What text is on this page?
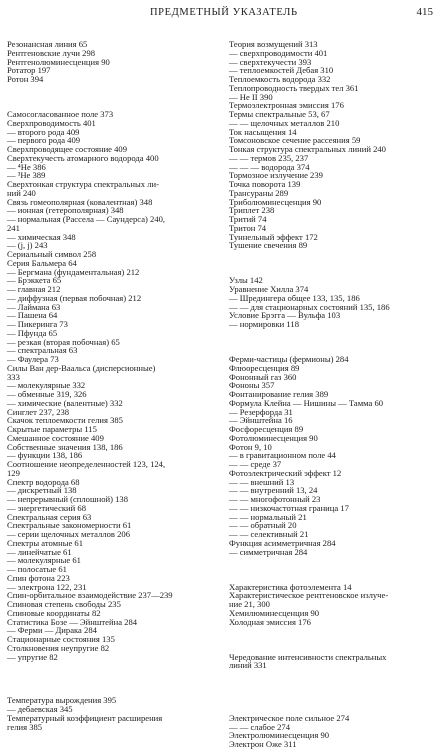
ПРЕДМЕТНЫЙ УКАЗАТЕЛЬ	415
Резонансная линия 65
Рентгеновские лучи 298
Рентгенолюминесценция 90
Ротатор 197
Ротон 394
Самосогласованное поле 373
Сверхпроводимость 401
— второго рода 409
— первого рода 409
Сверхпроводящее состояние 409
Сверхтекучесть атомарного водорода 400
— ⁴He 386
— ³He 389
Сверхтонкая структура спектральных ли-
ний 240
Связь гомеополярная (ковалентная) 348
— ионная (гетерополярная) 348
— нормальная (Рассела — Саундерса) 240,
241
— химическая 348
— (j, j) 243
Сериальный символ 258
Серия Бальмера 64
— Бергмана (фундаментальная) 212
— Брэккета 65
— главная 212
— диффузная (первая побочная) 212
— Лаймана 63
— Пашена 64
— Пикеринга 73
— Пфунда 65
— резкая (вторая побочная) 65
— спектральная 63
— Фаулера 73
Силы Ван дер-Ваальса (дисперсионные)
333
— молекулярные 332
— обменные 319, 326
— химические (валентные) 332
Синглет 237, 238
Скачок теплоемкости гелия 385
Скрытые параметры 115
Смешанное состояние 409
Собственные значения 138, 186
— функции 138, 186
Соотношение неопределенностей 123, 124,
129
Спектр водорода 68
— дискретный 138
— непрерывный (сплошной) 138
— энергетический 68
Спектральная серия 63
Спектральные закономерности 61
— серии щелочных металлов 206
Спектры атомные 61
— линейчатые 61
— молекулярные 61
— полосатые 61
Спин фотона 223
— электрона 122, 231
Спин-орбитальное взаимодействие 237—239
Спиновая степень свободы 235
Спиновые координаты 82
Статистика Бозе — Эйнштейна 284
— Ферми — Дирака 284
Стационарные состояния 135
Столкновения неупругие 82
— упругие 82
Температура вырождения 395
— дебаевская 345
Температурный коэффициент расширения
гелия 385
Теория возмущений 313
— сверхпроводимости 401
— сверхтекучести 393
— теплоемкостей Дебая 310
Теплоемкость водорода 332
Теплопроводность твердых тел 361
— He II 390
Термоэлектронная эмиссия 176
Термы спектральные 53, 67
— — щелочных металлов 210
Ток насыщения 14
Томсоновское сечение рассеяния 59
Тонкая структура спектральных линий 240
— — термов 235, 237
— — — водорода 374
Тормозное излучение 239
Точка поворота 139
Трансураны 289
Триболюминесценция 90
Триплет 238
Тритий 74
Тритон 74
Туннельный эффект 172
Тушение свечения 89
Узлы 142
Уравнение Хилла 374
— Шредингера общее 133, 135, 186
— — для стационарных состояний 135, 186
Условие Брэгга — Вульфа 103
— нормировки 118
Ферми-частицы (фермионы) 284
Флюоресценция 89
Фононный газ 360
Фононы 357
Фонтанирование гелия 389
Формула Клейна — Нишины — Тамма 60
— Резерфорда 31
— Эйнштейна 16
Фосфоресценция 89
Фотолюминесценция 90
Фотон 9, 10
— в гравитационном поле 44
— — среде 37
Фотоэлектрический эффект 12
— — внешний 13
— — внутренний 13, 24
— — многофотонный 23
— — низкочастотная граница 17
— — нормальный 21
— — обратный 20
— — селективный 21
Функция асимметричная 284
— симметричная 284
Характеристика фотоэлемента 14
Характеристическое рентгеновское излуче-
ние 21, 300
Хемилюминесценция 90
Холодная эмиссия 176
Чередование интенсивности спектральных
линий 331
Электрическое поле сильное 274
— — слабое 274
Электролюминесценция 90
Электрон Оже 311
